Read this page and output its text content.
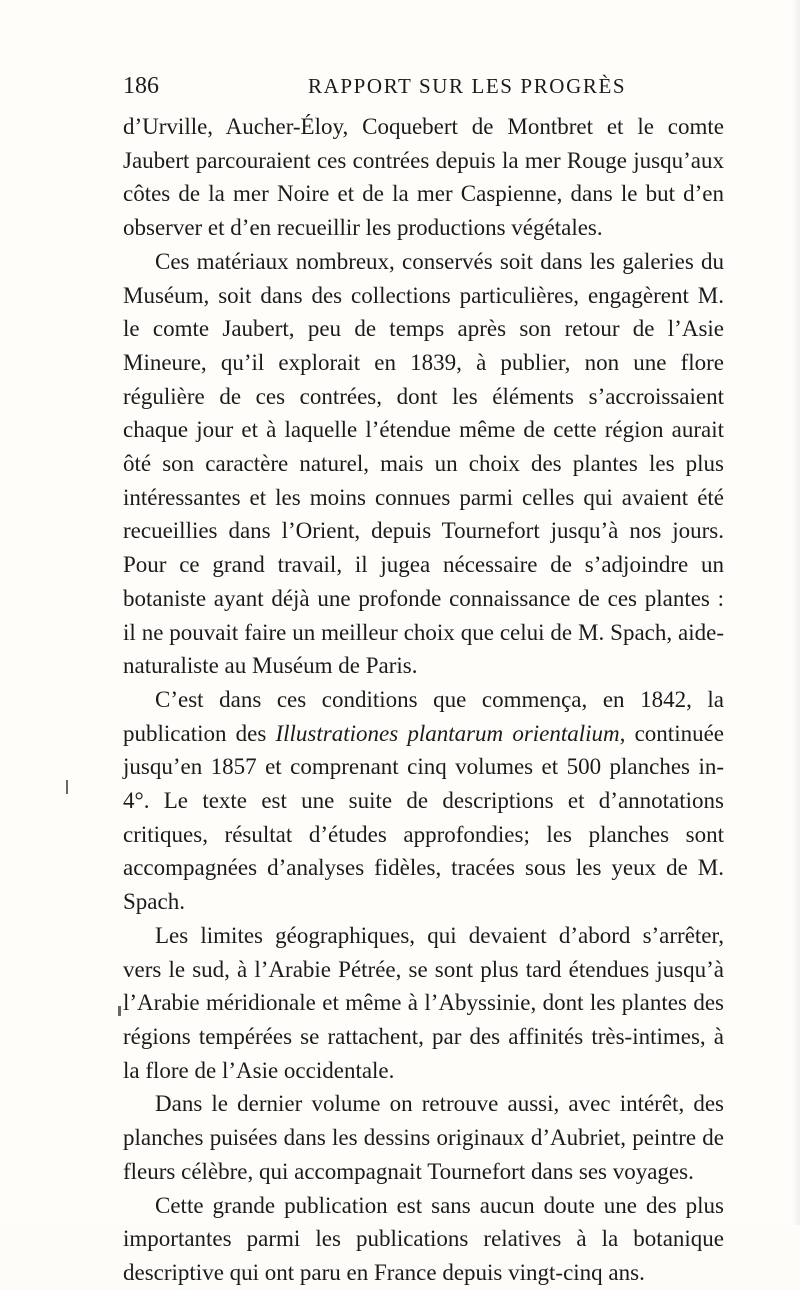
186	RAPPORT SUR LES PROGRÈS

d’Urville, Aucher-Éloy, Coquebert de Montbret et le comte Jaubert parcouraient ces contrées depuis la mer Rouge jusqu’aux côtes de la mer Noire et de la mer Caspienne, dans le but d’en observer et d’en recueillir les productions végétales.

Ces matériaux nombreux, conservés soit dans les galeries du Muséum, soit dans des collections particulières, engagèrent M. le comte Jaubert, peu de temps après son retour de l’Asie Mineure, qu’il explorait en 1839, à publier, non une flore régulière de ces contrées, dont les éléments s’accroissaient chaque jour et à laquelle l’étendue même de cette région aurait ôté son caractère naturel, mais un choix des plantes les plus intéressantes et les moins connues parmi celles qui avaient été recueillies dans l’Orient, depuis Tournefort jusqu’à nos jours. Pour ce grand travail, il jugea nécessaire de s’adjoindre un botaniste ayant déjà une profonde connaissance de ces plantes : il ne pouvait faire un meilleur choix que celui de M. Spach, aide-naturaliste au Muséum de Paris.

C’est dans ces conditions que commença, en 1842, la publication des Illustrationes plantarum orientalium, continuée jusqu’en 1857 et comprenant cinq volumes et 500 planches in-4°. Le texte est une suite de descriptions et d’annotations critiques, résultat d’études approfondies; les planches sont accompagnées d’analyses fidèles, tracées sous les yeux de M. Spach.

Les limites géographiques, qui devaient d’abord s’arrêter, vers le sud, à l’Arabie Pétrée, se sont plus tard étendues jusqu’à l’Arabie méridionale et même à l’Abyssinie, dont les plantes des régions tempérées se rattachent, par des affinités très-intimes, à la flore de l’Asie occidentale.

Dans le dernier volume on retrouve aussi, avec intérêt, des planches puisées dans les dessins originaux d’Aubriet, peintre de fleurs célèbre, qui accompagnait Tournefort dans ses voyages.

Cette grande publication est sans aucun doute une des plus importantes parmi les publications relatives à la botanique descriptive qui ont paru en France depuis vingt-cinq ans.
